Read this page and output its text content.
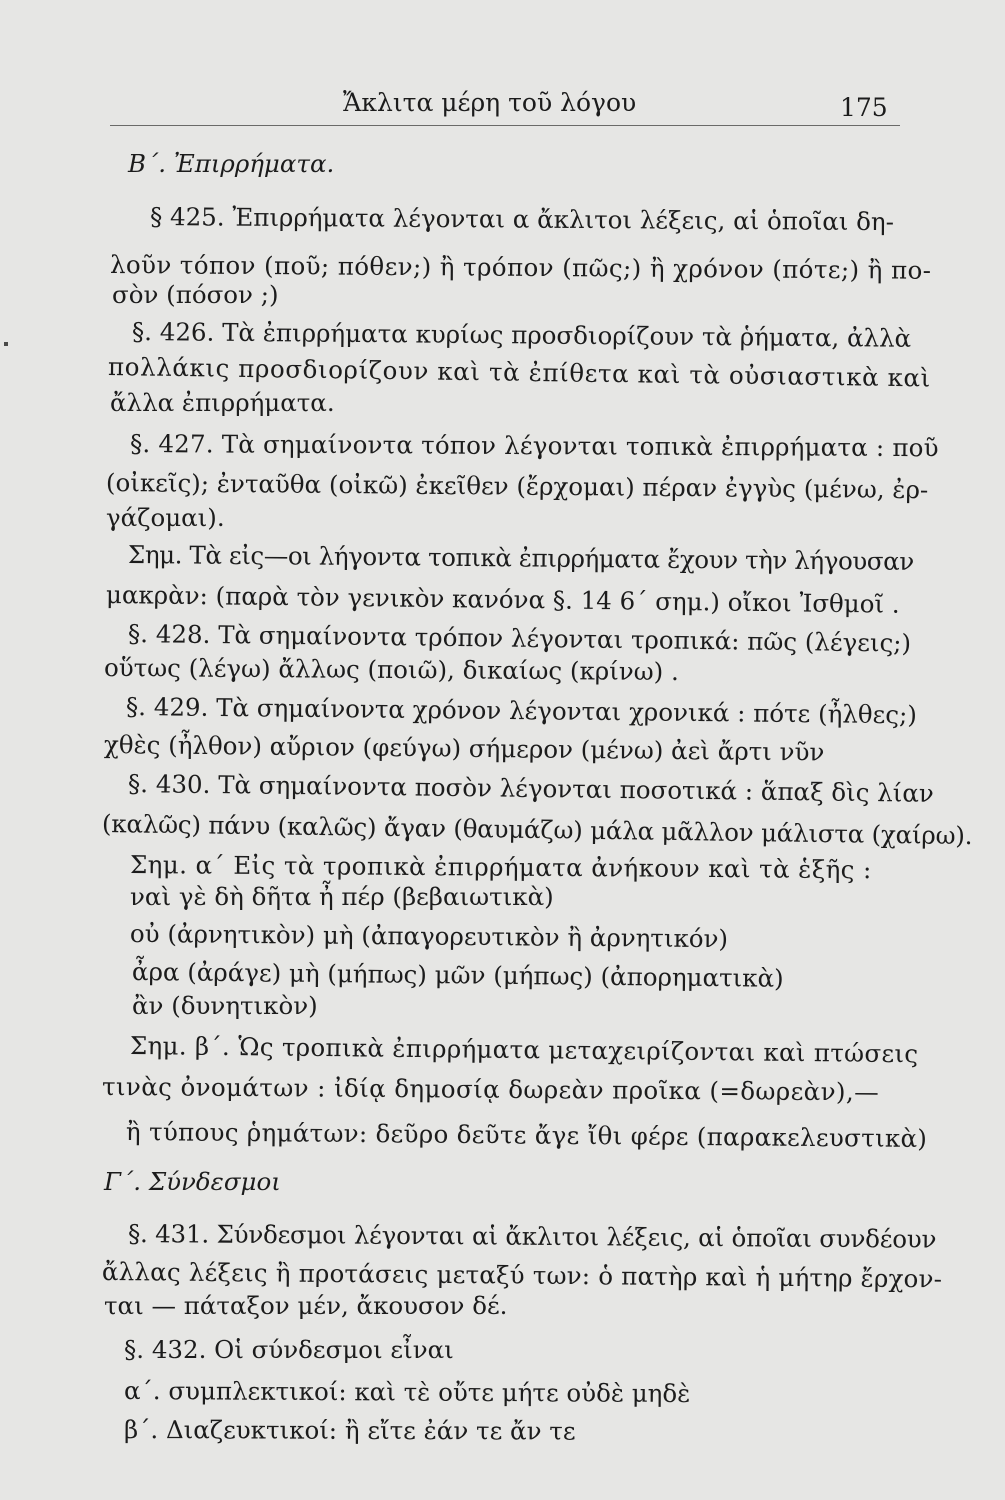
Ἄκλιτα μέρη τοῦ λόγου	175
Β΄. Ἐπιρρήματα.
§ 425. Ἐπιρρήματα λέγονται α ἄκλιτοι λέξεις, αἱ ὁποῖαι δη-
λοῦν τόπον (ποῦ; πόθεν;) ἢ τρόπον (πῶς;) ἢ χρόνον (πότε;) ἢ πο-
σὸν (πόσον ;)
§. 426. Τὰ ἐπιρρήματα κυρίως προσδιορίζουν τὰ ῥήματα, ἀλλὰ
πολλάκις προσδιορίζουν καὶ τὰ ἐπίθετα καὶ τὰ οὐσιαστικὰ καὶ
ἄλλα ἐπιρρήματα.
§. 427. Τὰ σημαίνοντα τόπον λέγονται τοπικὰ ἐπιρρήματα : ποῦ
(οἰκεῖς); ἐνταῦθα (οἰκῶ) ἐκεῖθεν (ἔρχομαι) πέραν ἐγγὺς (μένω, ἐρ-
γάζομαι).
Σημ. Τὰ εἰς—οι λήγοντα τοπικὰ ἐπιρρήματα ἔχουν τὴν λήγουσαν
μακρὰν: (παρὰ τὸν γενικὸν κανόνα §. 14 6΄ σημ.) οἴκοι Ἰσθμοῖ .
§. 428. Τὰ σημαίνοντα τρόπον λέγονται τροπικά: πῶς (λέγεις;)
οὕτως (λέγω) ἄλλως (ποιῶ), δικαίως (κρίνω) .
§. 429. Τὰ σημαίνοντα χρόνον λέγονται χρονικά : πότε (ἦλθες;)
χθὲς (ἦλθον) αὔριον (φεύγω) σήμερον (μένω) ἀεὶ ἄρτι νῦν
§. 430. Τὰ σημαίνοντα ποσὸν λέγονται ποσοτικά : ἅπαξ δὶς λίαν
(καλῶς) πάνυ (καλῶς) ἄγαν (θαυμάζω) μάλα μᾶλλον μάλιστα (χαίρω).
Σημ. α΄ Εἰς τὰ τροπικὰ ἐπιρρήματα ἀνήκουν καὶ τὰ ἑξῆς :
ναὶ γὲ δὴ δῆτα ἦ πέρ (βεβαιωτικὰ)
οὐ (ἀρνητικὸν) μὴ (ἀπαγορευτικὸν ἢ ἀρνητικόν)
ἆρα (ἀράγε) μὴ (μήπως) μῶν (μήπως) (ἀπορηματικὰ)
ἂν (δυνητικὸν)
Σημ. β΄. Ὡς τροπικὰ ἐπιρρήματα μεταχειρίζονται καὶ πτώσεις
τινὰς ὀνομάτων : ἰδίᾳ δημοσίᾳ δωρεὰν προῖκα (=δωρεὰν),—
ἢ τύπους ῥημάτων: δεῦρο δεῦτε ἄγε ἴθι φέρε (παρακελευστικὰ)
Γ΄. Σύνδεσμοι
§. 431. Σύνδεσμοι λέγονται αἱ ἄκλιτοι λέξεις, αἱ ὁποῖαι συνδέουν
ἄλλας λέξεις ἢ προτάσεις μεταξύ των: ὁ πατὴρ καὶ ἡ μήτηρ ἔρχον-
ται — πάταξον μέν, ἄκουσον δέ.
§. 432. Οἱ σύνδεσμοι εἶναι
α΄. συμπλεκτικοί: καὶ τὲ οὔτε μήτε οὐδὲ μηδὲ
β΄. Διαζευκτικοί: ἢ εἴτε ἐάν τε ἄν τε
